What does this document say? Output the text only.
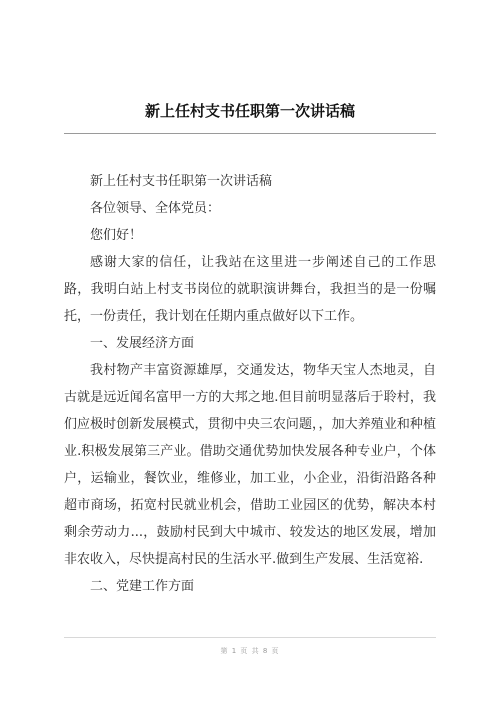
新上任村支书任职第一次讲话稿

新上任村支书任职第一次讲话稿

各位领导、全体党员：

您们好！

感谢大家的信任，让我站在这里进一步阐述自己的工作思路，我明白站上村支书岗位的就职演讲舞台，我担当的是一份嘱托，一份责任，我计划在任期内重点做好以下工作。

一、发展经济方面

我村物产丰富资源雄厚，交通发达，物华天宝人杰地灵，自古就是远近闻名富甲一方的大邦之地.但目前明显落后于聆村，我们应极时创新发展模式，贯彻中央三农问题，，加大养殖业和种植业.积极发展第三产业。借助交通优势加快发展各种专业户，个体户，运输业，餐饮业，维修业，加工业，小企业，沿街沿路各种超市商场，拓宽村民就业机会，借助工业园区的优势，解决本村剩余劳动力...，鼓励村民到大中城市、较发达的地区发展，增加非农收入，尽快提高村民的生活水平.做到生产发展、生活宽裕.

二、党建工作方面

第 1 页 共 8 页
